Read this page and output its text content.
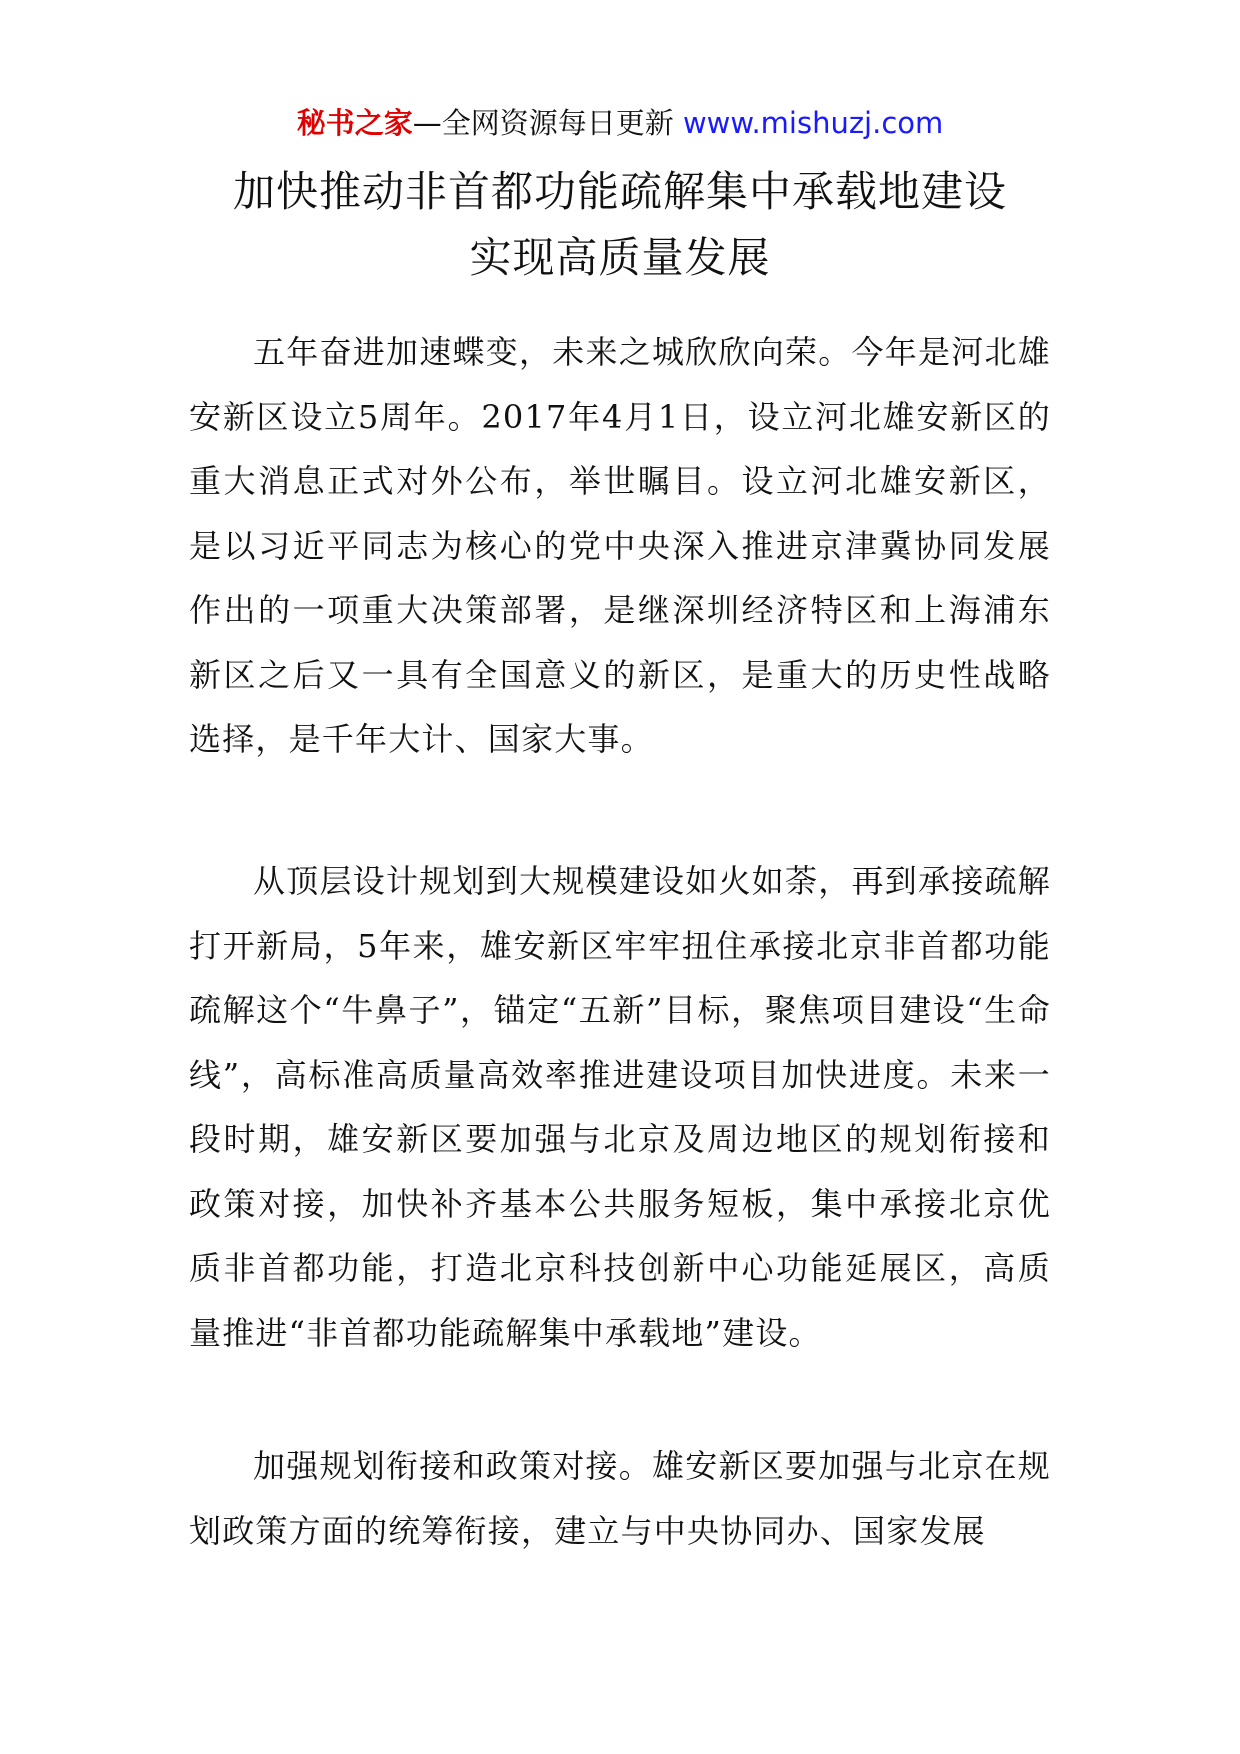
秘书之家—全网资源每日更新 www.mishuzj.com
加快推动非首都功能疏解集中承载地建设
实现高质量发展

五年奋进加速蝶变，未来之城欣欣向荣。今年是河北雄安新区设立5周年。2017年4月1日，设立河北雄安新区的重大消息正式对外公布，举世瞩目。设立河北雄安新区，是以习近平同志为核心的党中央深入推进京津冀协同发展作出的一项重大决策部署，是继深圳经济特区和上海浦东新区之后又一具有全国意义的新区，是重大的历史性战略选择，是千年大计、国家大事。

从顶层设计规划到大规模建设如火如荼，再到承接疏解打开新局，5年来，雄安新区牢牢扭住承接北京非首都功能疏解这个“牛鼻子”，锚定“五新”目标，聚焦项目建设“生命线”，高标准高质量高效率推进建设项目加快进度。未来一段时期，雄安新区要加强与北京及周边地区的规划衔接和政策对接，加快补齐基本公共服务短板，集中承接北京优质非首都功能，打造北京科技创新中心功能延展区，高质量推进“非首都功能疏解集中承载地”建设。

加强规划衔接和政策对接。雄安新区要加强与北京在规划政策方面的统筹衔接，建立与中央协同办、国家发展
